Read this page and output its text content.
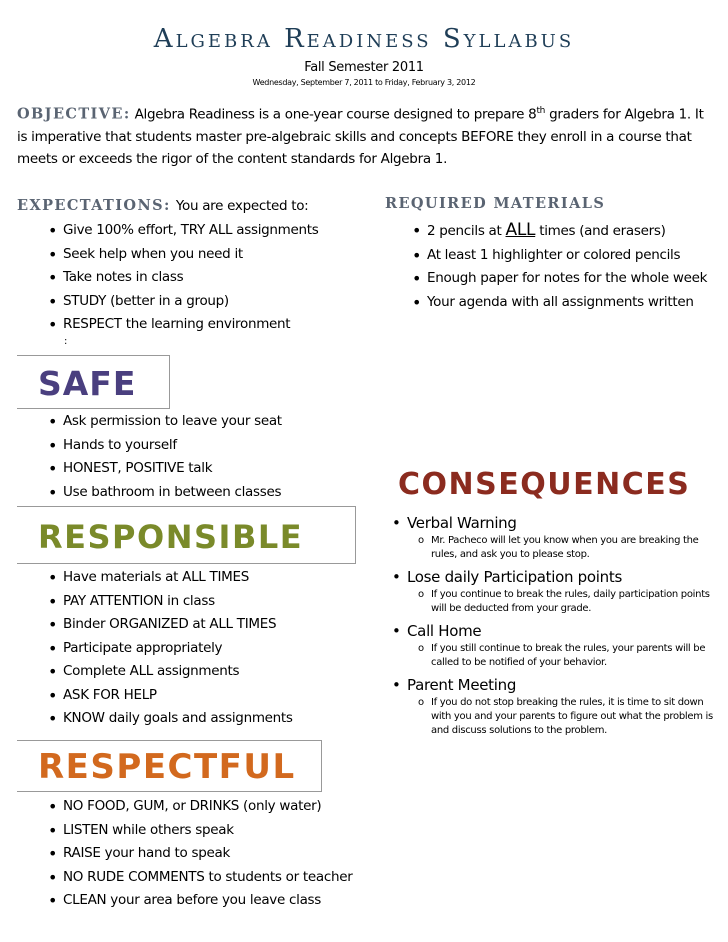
Algebra Readiness Syllabus
Fall Semester 2011
Wednesday, September 7, 2011 to Friday, February 3, 2012
OBJECTIVE: Algebra Readiness is a one-year course designed to prepare 8th graders for Algebra 1. It is imperative that students master pre-algebraic skills and concepts BEFORE they enroll in a course that meets or exceeds the rigor of the content standards for Algebra 1.
EXPECTATIONS: You are expected to:
• Give 100% effort, TRY ALL assignments
• Seek help when you need it
• Take notes in class
• STUDY (better in a group)
• RESPECT the learning environment
:
REQUIRED MATERIALS
• 2 pencils at ALL times (and erasers)
• At least 1 highlighter or colored pencils
• Enough paper for notes for the whole week
• Your agenda with all assignments written
SAFE
• Ask permission to leave your seat
• Hands to yourself
• HONEST, POSITIVE talk
• Use bathroom in between classes
RESPONSIBLE
• Have materials at ALL TIMES
• PAY ATTENTION in class
• Binder ORGANIZED at ALL TIMES
• Participate appropriately
• Complete ALL assignments
• ASK FOR HELP
• KNOW daily goals and assignments
RESPECTFUL
• NO FOOD, GUM, or DRINKS (only water)
• LISTEN while others speak
• RAISE your hand to speak
• NO RUDE COMMENTS to students or teacher
• CLEAN your area before you leave class
CONSEQUENCES
• Verbal Warning
o Mr. Pacheco will let you know when you are breaking the rules, and ask you to please stop.
• Lose daily Participation points
o If you continue to break the rules, daily participation points will be deducted from your grade.
• Call Home
o If you still continue to break the rules, your parents will be called to be notified of your behavior.
• Parent Meeting
o If you do not stop breaking the rules, it is time to sit down with you and your parents to figure out what the problem is and discuss solutions to the problem.
